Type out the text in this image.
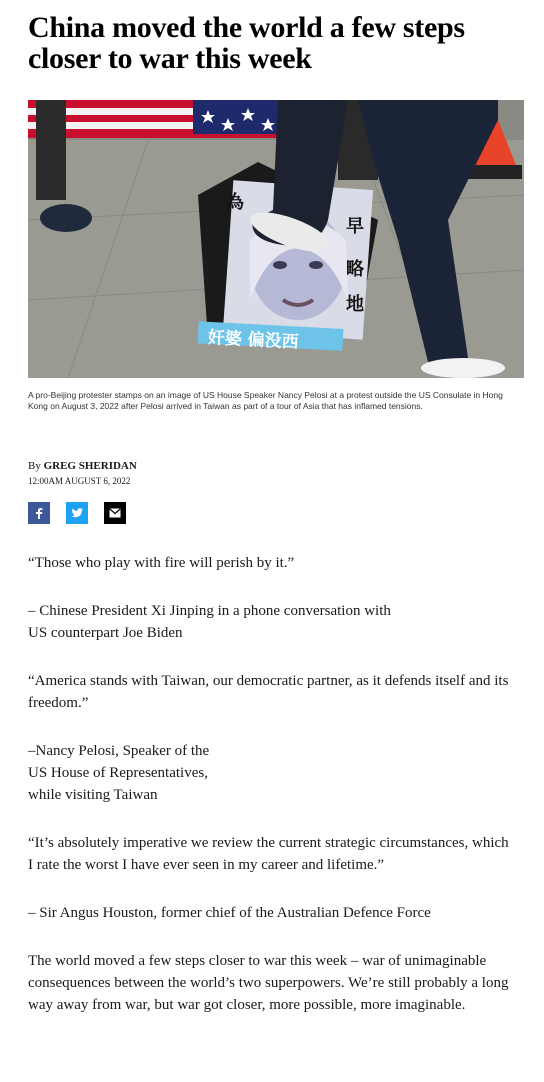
China moved the world a few steps closer to war this week
為
早
略
地
奸婆 偏没西
A pro-Beijing protester stamps on an image of US House Speaker Nancy Pelosi at a protest outside the US Consulate in Hong Kong on August 3, 2022 after Pelosi arrived in Taiwan as part of a tour of Asia that has inflamed tensions.
By GREG SHERIDAN
12:00AM AUGUST 6, 2022

“Those who play with fire will perish by it.”

– Chinese President Xi Jinping in a phone conversation with
US counterpart Joe Biden

“America stands with Taiwan, our democratic partner, as it defends itself and its freedom.”

–Nancy Pelosi, Speaker of the
US House of Representatives,
while visiting Taiwan

“It’s absolutely imperative we review the current strategic circumstances, which I rate the worst I have ever seen in my career and lifetime.”

– Sir Angus Houston, former chief of the Australian Defence Force

The world moved a few steps closer to war this week – war of unimaginable consequences between the world’s two superpowers. We’re still probably a long way away from war, but war got closer, more possible, more imaginable.
